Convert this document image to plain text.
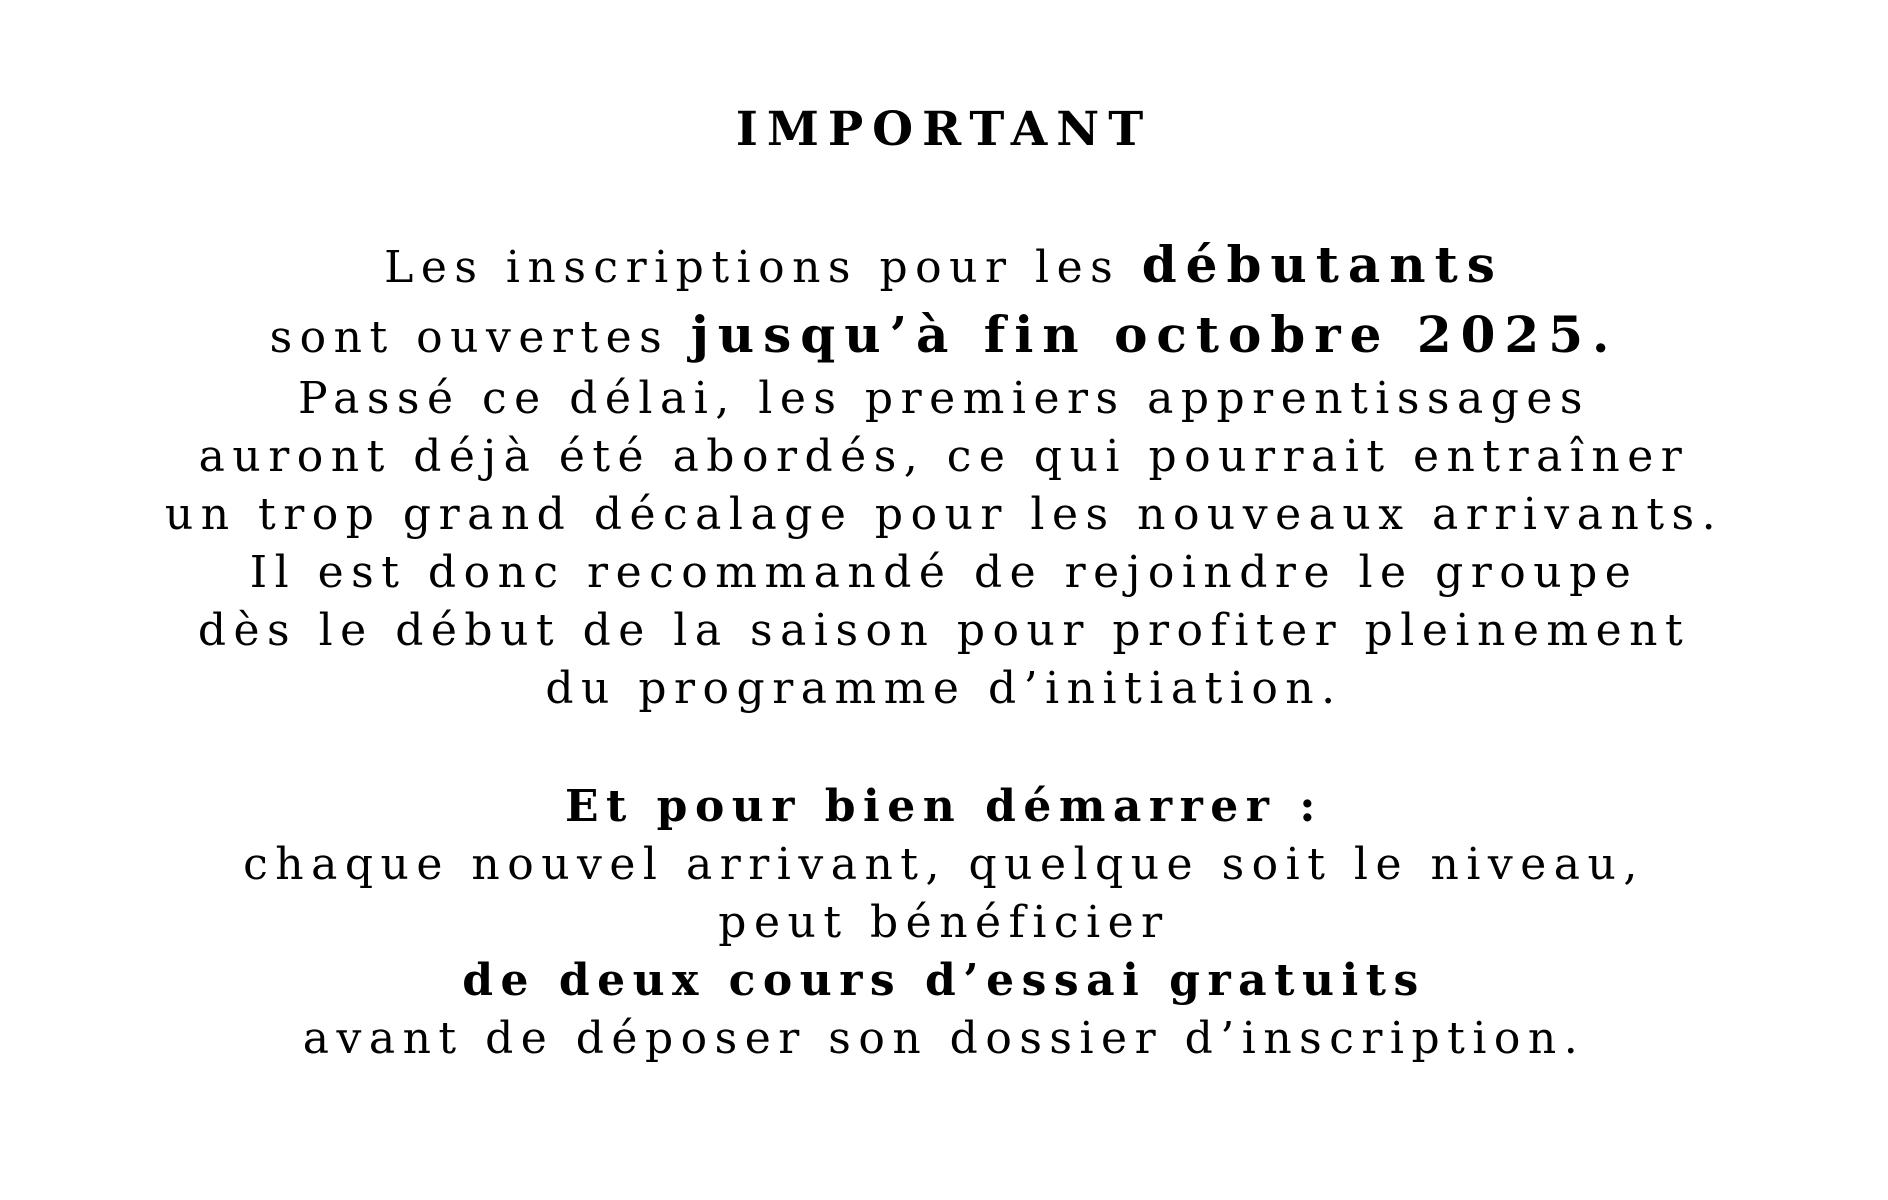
IMPORTANT
Les inscriptions pour les débutants
sont ouvertes jusqu’à fin octobre 2025.
Passé ce délai, les premiers apprentissages
auront déjà été abordés, ce qui pourrait entraîner
un trop grand décalage pour les nouveaux arrivants.
Il est donc recommandé de rejoindre le groupe
dès le début de la saison pour profiter pleinement
du programme d’initiation.
Et pour bien démarrer :
chaque nouvel arrivant, quelque soit le niveau,
peut bénéficier
de deux cours d’essai gratuits
avant de déposer son dossier d’inscription.
